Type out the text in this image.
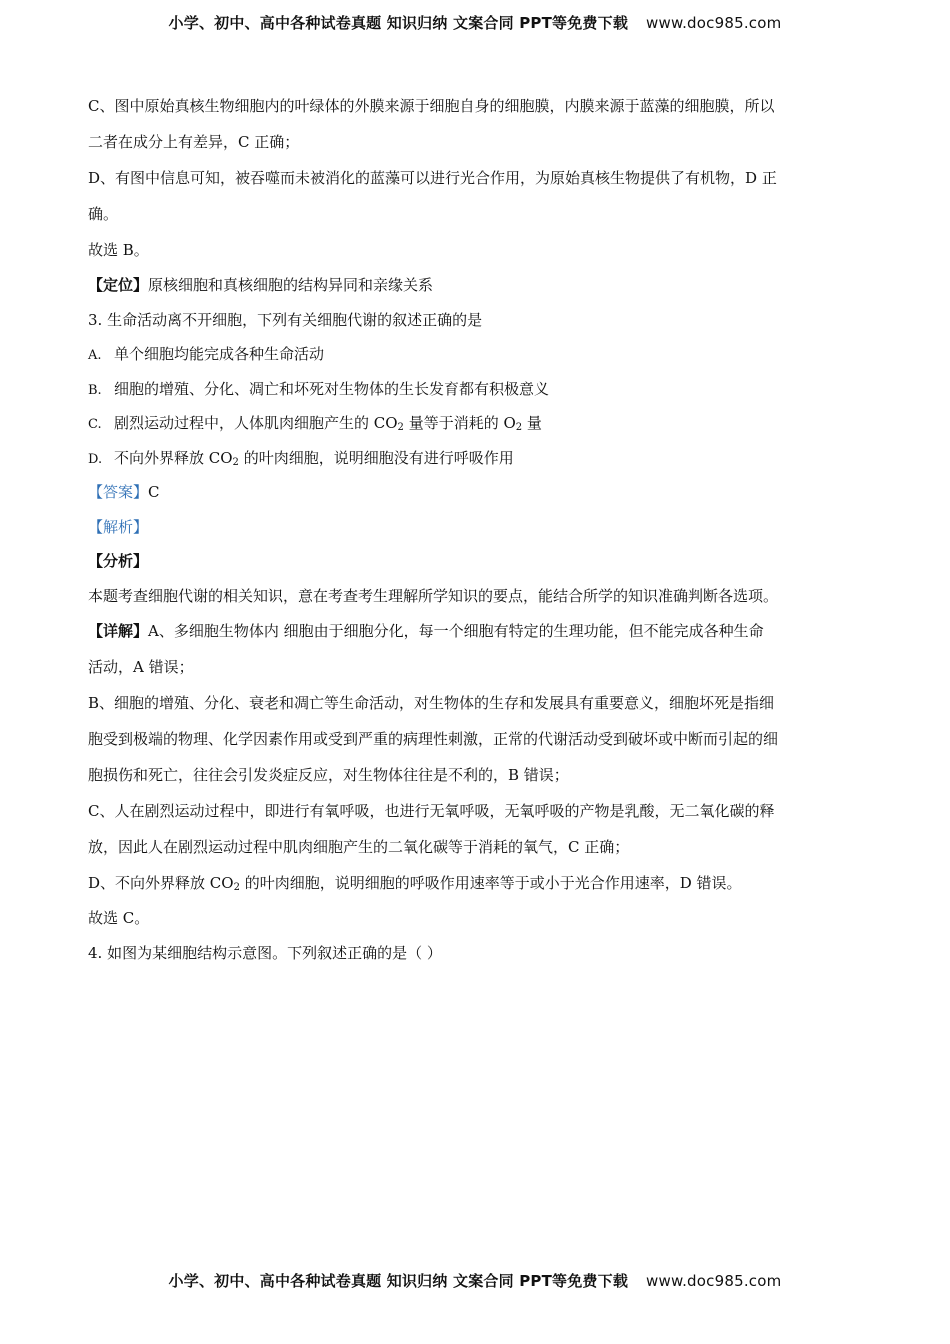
小学、初中、高中各种试卷真题 知识归纳 文案合同 PPT等免费下载 www.doc985.com
C、图中原始真核生物细胞内的叶绿体的外膜来源于细胞自身的细胞膜，内膜来源于蓝藻的细胞膜，所以
二者在成分上有差异，C 正确；
D、有图中信息可知，被吞噬而未被消化的蓝藻可以进行光合作用，为原始真核生物提供了有机物，D 正
确。
故选 B。
【定位】原核细胞和真核细胞的结构异同和亲缘关系
3. 生命活动离不开细胞，下列有关细胞代谢的叙述正确的是
A. 单个细胞均能完成各种生命活动
B. 细胞的增殖、分化、凋亡和坏死对生物体的生长发育都有积极意义
C. 剧烈运动过程中，人体肌肉细胞产生的 $CO_2$ 量等于消耗的 $O_2$ 量
D. 不向外界释放 $CO_2$ 的叶肉细胞，说明细胞没有进行呼吸作用
【答案】C
【解析】
【分析】
本题考查细胞代谢的相关知识，意在考查考生理解所学知识的要点，能结合所学的知识准确判断各选项。
【详解】A、多细胞生物体内 细胞由于细胞分化，每一个细胞有特定的生理功能，但不能完成各种生命
活动，A 错误；
B、细胞的增殖、分化、衰老和凋亡等生命活动，对生物体的生存和发展具有重要意义，细胞坏死是指细
胞受到极端的物理、化学因素作用或受到严重的病理性刺激，正常的代谢活动受到破坏或中断而引起的细
胞损伤和死亡，往往会引发炎症反应，对生物体往往是不利的，B 错误；
C、人在剧烈运动过程中，即进行有氧呼吸，也进行无氧呼吸，无氧呼吸的产物是乳酸，无二氧化碳的释
放，因此人在剧烈运动过程中肌肉细胞产生的二氧化碳等于消耗的氧气，C 正确；
D、不向外界释放 $CO_2$ 的叶肉细胞，说明细胞的呼吸作用速率等于或小于光合作用速率，D 错误。
故选 C。
4. 如图为某细胞结构示意图。下列叙述正确的是（ ）
小学、初中、高中各种试卷真题 知识归纳 文案合同 PPT等免费下载 www.doc985.com
